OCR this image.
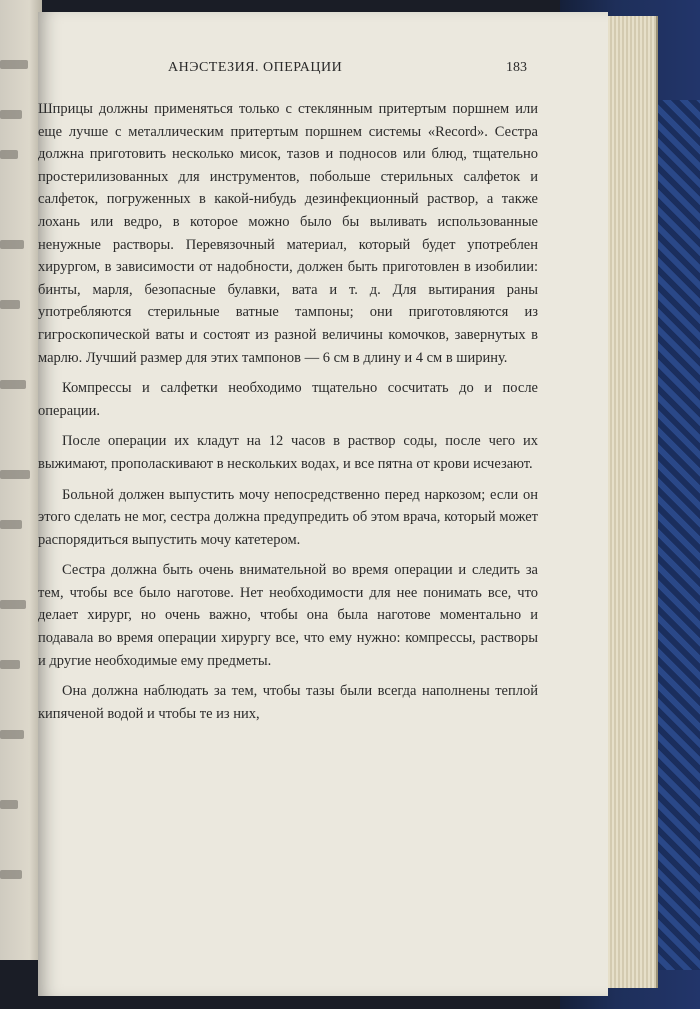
АНЭСТЕЗИЯ. ОПЕРАЦИИ	183

Шприцы должны применяться только с стеклянным притертым поршнем или еще лучше с металлическим притертым поршнем системы «Record». Сестра должна приготовить несколько мисок, тазов и подносов или блюд, тщательно простерилизованных для инструментов, побольше стерильных салфеток и салфеток, погруженных в какой-нибудь дезинфекционный раствор, а также лохань или ведро, в которое можно было бы выливать использованные ненужные растворы. Перевязочный материал, который будет употреблен хирургом, в зависимости от надобности, должен быть приготовлен в изобилии: бинты, марля, безопасные булавки, вата и т. д. Для вытирания раны употребляются стерильные ватные тампоны; они приготовляются из гигроскопической ваты и состоят из разной величины комочков, завернутых в марлю. Лучший размер для этих тампонов — 6 см в длину и 4 см в ширину.

Компрессы и салфетки необходимо тщательно сосчитать до и после операции.

После операции их кладут на 12 часов в раствор соды, после чего их выжимают, прополаскивают в нескольких водах, и все пятна от крови исчезают.

Больной должен выпустить мочу непосредственно перед наркозом; если он этого сделать не мог, сестра должна предупредить об этом врача, который может распорядиться выпустить мочу катетером.

Сестра должна быть очень внимательной во время операции и следить за тем, чтобы все было наготове. Нет необходимости для нее понимать все, что делает хирург, но очень важно, чтобы она была наготове моментально и подавала во время операции хирургу все, что ему нужно: компрессы, растворы и другие необходимые ему предметы.

Она должна наблюдать за тем, чтобы тазы были всегда наполнены теплой кипяченой водой и чтобы те из них,
